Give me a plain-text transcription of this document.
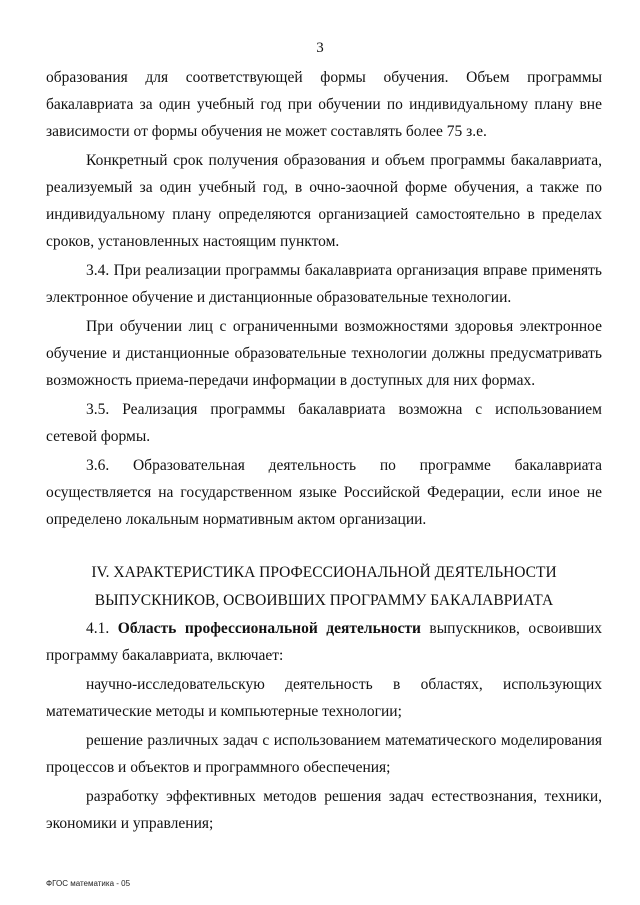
3

образования для соответствующей формы обучения. Объем программы бакалавриата за один учебный год при обучении по индивидуальному плану вне зависимости от формы обучения не может составлять более 75 з.е.

Конкретный срок получения образования и объем программы бакалавриата, реализуемый за один учебный год, в очно-заочной форме обучения, а также по индивидуальному плану определяются организацией самостоятельно в пределах сроков, установленных настоящим пунктом.

3.4. При реализации программы бакалавриата организация вправе применять электронное обучение и дистанционные образовательные технологии.

При обучении лиц с ограниченными возможностями здоровья электронное обучение и дистанционные образовательные технологии должны предусматривать возможность приема-передачи информации в доступных для них формах.

3.5. Реализация программы бакалавриата возможна с использованием сетевой формы.

3.6. Образовательная деятельность по программе бакалавриата осуществляется на государственном языке Российской Федерации, если иное не определено локальным нормативным актом организации.

IV. ХАРАКТЕРИСТИКА ПРОФЕССИОНАЛЬНОЙ ДЕЯТЕЛЬНОСТИ
ВЫПУСКНИКОВ, ОСВОИВШИХ ПРОГРАММУ БАКАЛАВРИАТА

4.1. Область профессиональной деятельности выпускников, освоивших программу бакалавриата, включает:

научно-исследовательскую деятельность в областях, использующих математические методы и компьютерные технологии;

решение различных задач с использованием математического моделирования процессов и объектов и программного обеспечения;

разработку эффективных методов решения задач естествознания, техники, экономики и управления;

ФГОС математика - 05
